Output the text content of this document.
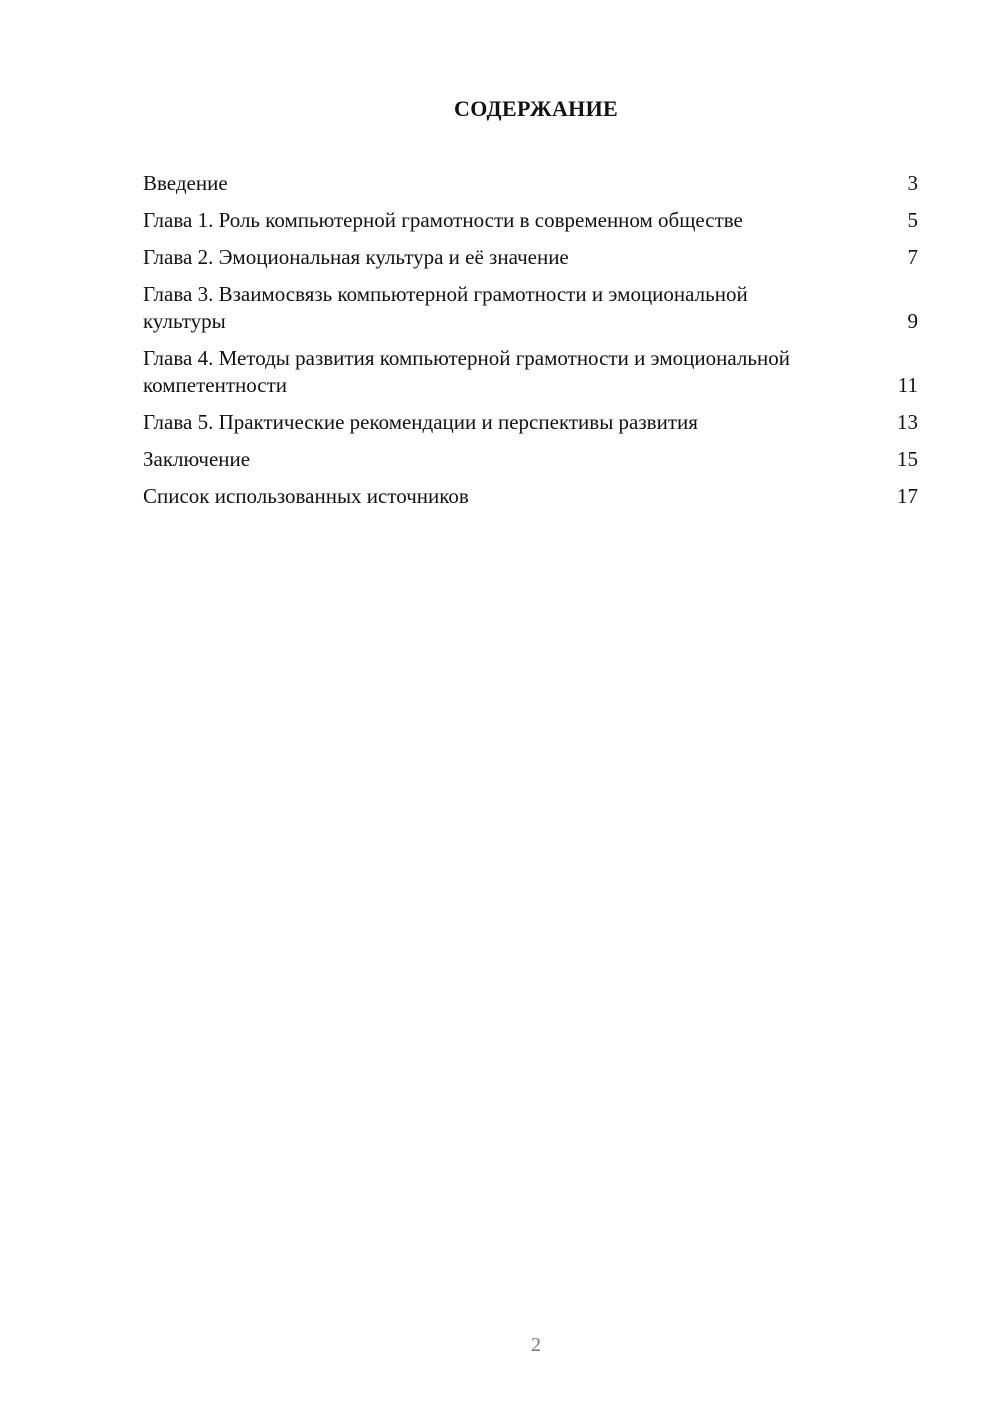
СОДЕРЖАНИЕ
Введение	3
Глава 1. Роль компьютерной грамотности в современном обществе	5
Глава 2. Эмоциональная культура и её значение	7
Глава 3. Взаимосвязь компьютерной грамотности и эмоциональной культуры	9
Глава 4. Методы развития компьютерной грамотности и эмоциональной компетентности	11
Глава 5. Практические рекомендации и перспективы развития	13
Заключение	15
Список использованных источников	17
2
